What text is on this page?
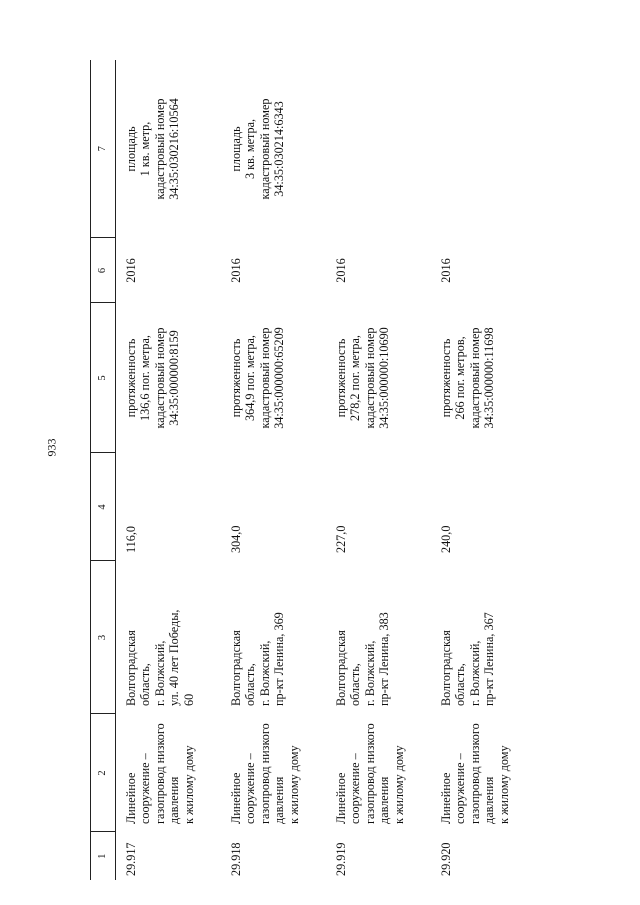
933
1	2	3	4	5	6	7
29.917	Линейное сооружение – газопровод низкого давления к жилому дому	Волгоградская область, г. Волжский, ул. 40 лет Победы, 60	116,0	протяженность 136,6 пог. метра, кадастровый номер 34:35:000000:8159	2016	площадь 1 кв. метр, кадастровый номер 34:35:030216:10564

29.918	Линейное сооружение – газопровод низкого давления к жилому дому	Волгоградская область, г. Волжский, пр-кт Ленина, 369	304,0	протяженность 364,9 пог. метра, кадастровый номер 34:35:000000:65209	2016	площадь 3 кв. метра, кадастровый номер 34:35:030214:6343

29.919	Линейное сооружение – газопровод низкого давления к жилому дому	Волгоградская область, г. Волжский, пр-кт Ленина, 383	227,0	протяженность 278,2 пог. метра, кадастровый номер 34:35:000000:10690	2016	
29.920	Линейное сооружение – газопровод низкого давления к жилому дому	Волгоградская область, г. Волжский, пр-кт Ленина, 367	240,0	протяженность 266 пог. метров, кадастровый номер 34:35:000000:11698	2016	
